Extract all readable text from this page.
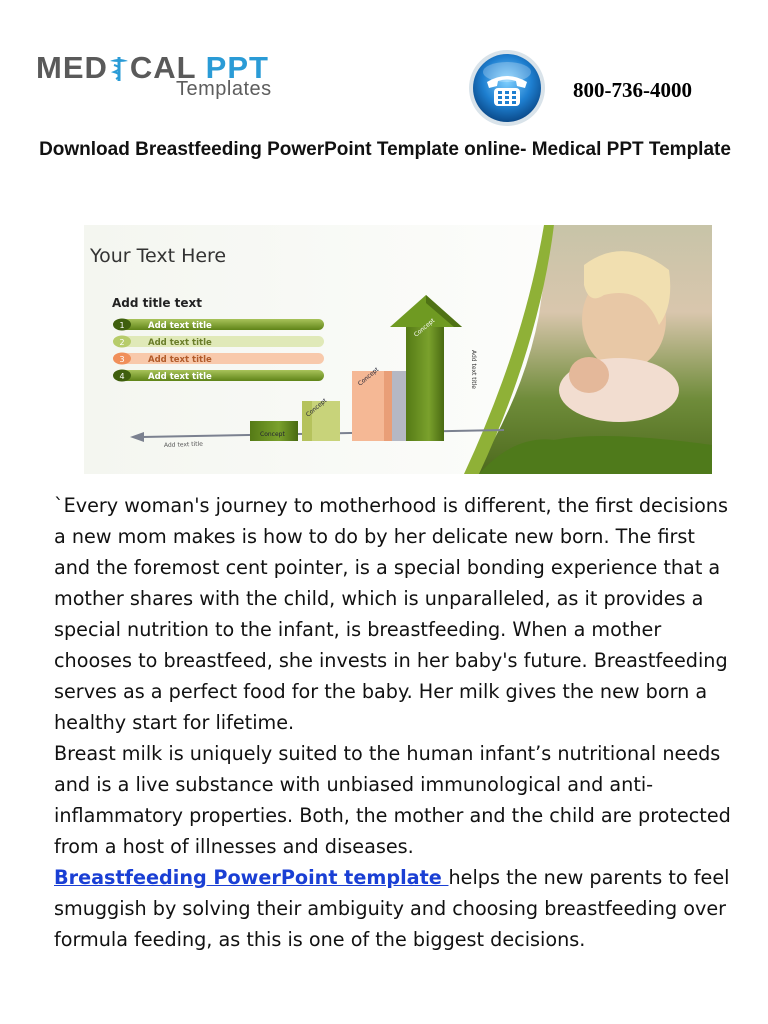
MED CAL PPT
Templates	800-736-4000
Download Breastfeeding PowerPoint Template online- Medical PPT Template
Your Text Here
Add title text
1	Add text title
2	Add text title
3	Add text title
4	Add text title
Add text title
Concept
Concept
Concept
Concept
Add text title

`Every woman's journey to motherhood is different, the first decisions a new mom makes is how to do by her delicate new born. The first and the foremost cent pointer, is a special bonding experience that a mother shares with the child, which is unparalleled, as it provides a special nutrition to the infant, is breastfeeding. When a mother chooses to breastfeed, she invests in her baby's future. Breastfeeding serves as a perfect food for the baby. Her milk gives the new born a healthy start for lifetime.

Breast milk is uniquely suited to the human infant’s nutritional needs and is a live substance with unbiased immunological and anti-inflammatory properties. Both, the mother and the child are protected from a host of illnesses and diseases.

Breastfeeding PowerPoint template helps the new parents to feel smuggish by solving their ambiguity and choosing breastfeeding over formula feeding, as this is one of the biggest decisions.
